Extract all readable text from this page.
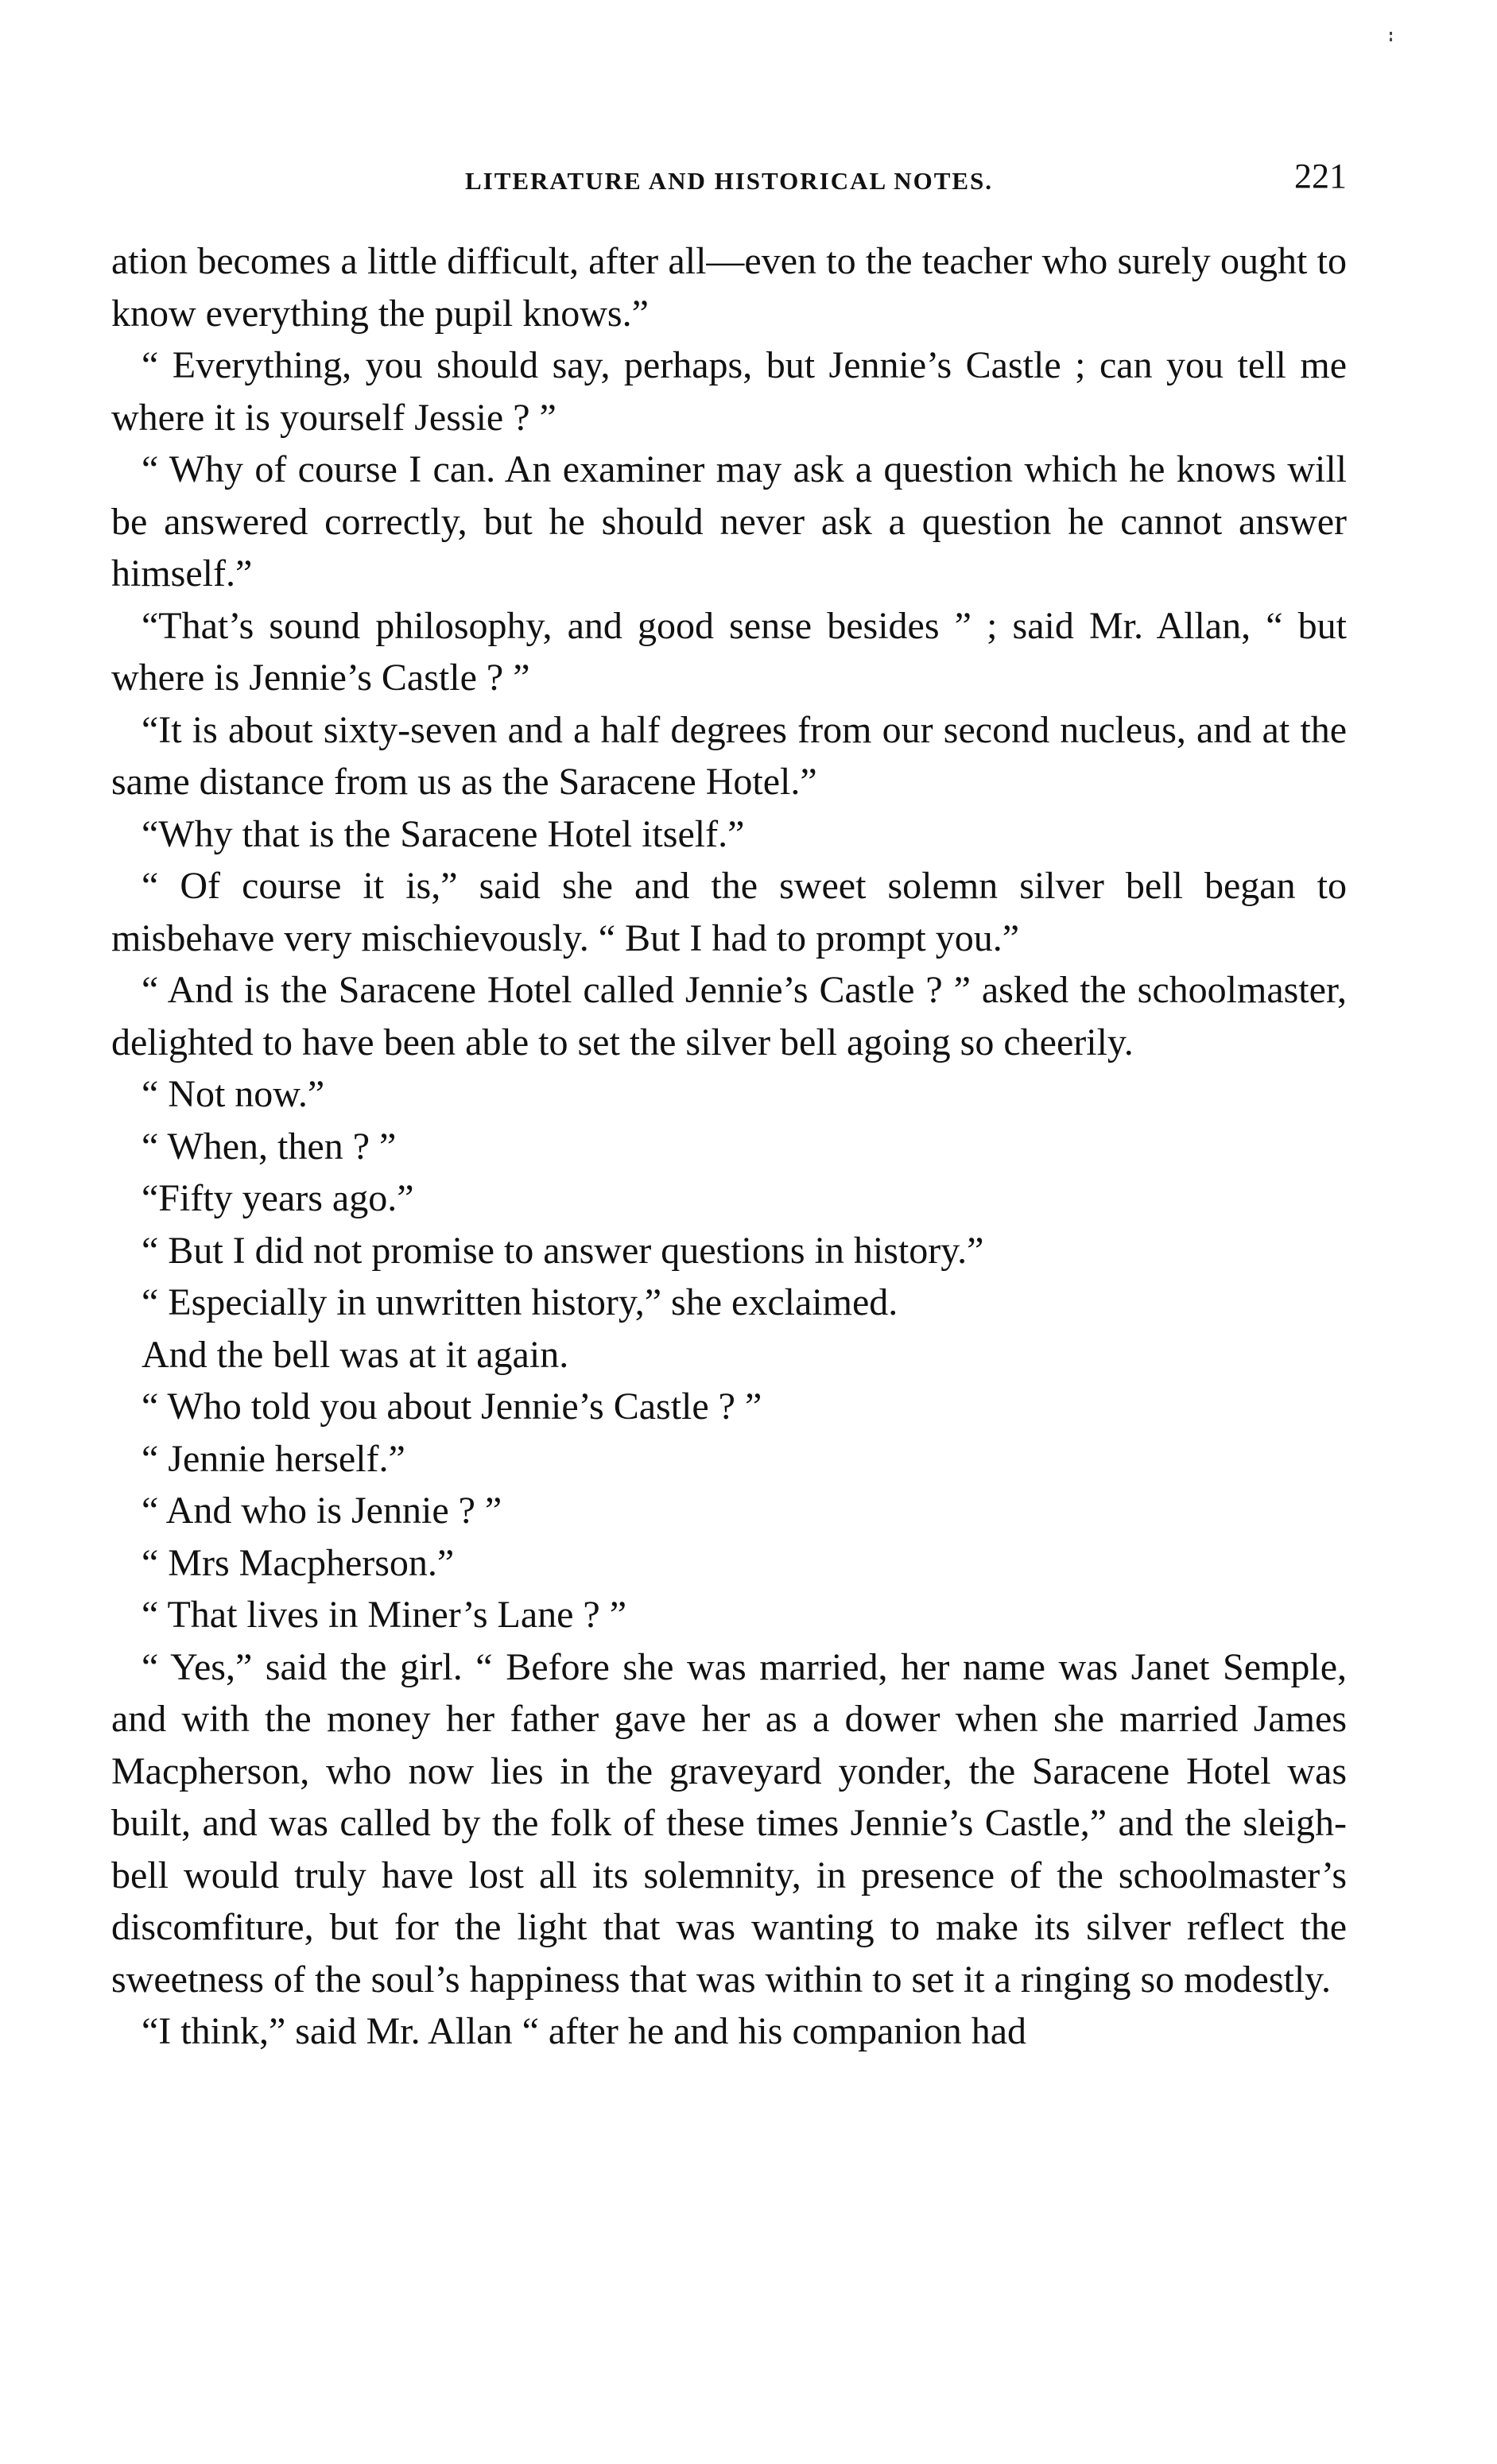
LITERATURE AND HISTORICAL NOTES.	221

ation becomes a little difficult, after all—even to the teacher who surely ought to know everything the pupil knows.”

“ Everything, you should say, perhaps, but Jennie’s Castle ; can you tell me where it is yourself Jessie ? ”

“ Why of course I can. An examiner may ask a question which he knows will be answered correctly, but he should never ask a question he cannot answer himself.”

“That’s sound philosophy, and good sense besides ” ; said Mr. Allan, “ but where is Jennie’s Castle ? ”

“It is about sixty-seven and a half degrees from our second nucleus, and at the same distance from us as the Saracene Hotel.”

“Why that is the Saracene Hotel itself.”

“ Of course it is,” said she and the sweet solemn silver bell began to misbehave very mischievously. “ But I had to prompt you.”

“ And is the Saracene Hotel called Jennie’s Castle ? ” asked the schoolmaster, delighted to have been able to set the silver bell agoing so cheerily.

“ Not now.”

“ When, then ? ”

“Fifty years ago.”

“ But I did not promise to answer questions in history.”

“ Especially in unwritten history,” she exclaimed.

And the bell was at it again.

“ Who told you about Jennie’s Castle ? ”

“ Jennie herself.”

“ And who is Jennie ? ”

“ Mrs Macpherson.”

“ That lives in Miner’s Lane ? ”

“ Yes,” said the girl. “ Before she was married, her name was Janet Semple, and with the money her father gave her as a dower when she married James Macpherson, who now lies in the graveyard yonder, the Saracene Hotel was built, and was called by the folk of these times Jennie’s Castle,” and the sleigh-bell would truly have lost all its solemnity, in presence of the schoolmaster’s discomfiture, but for the light that was wanting to make its silver reflect the sweetness of the soul’s happiness that was within to set it a ringing so modestly.

“I think,” said Mr. Allan “ after he and his companion had
